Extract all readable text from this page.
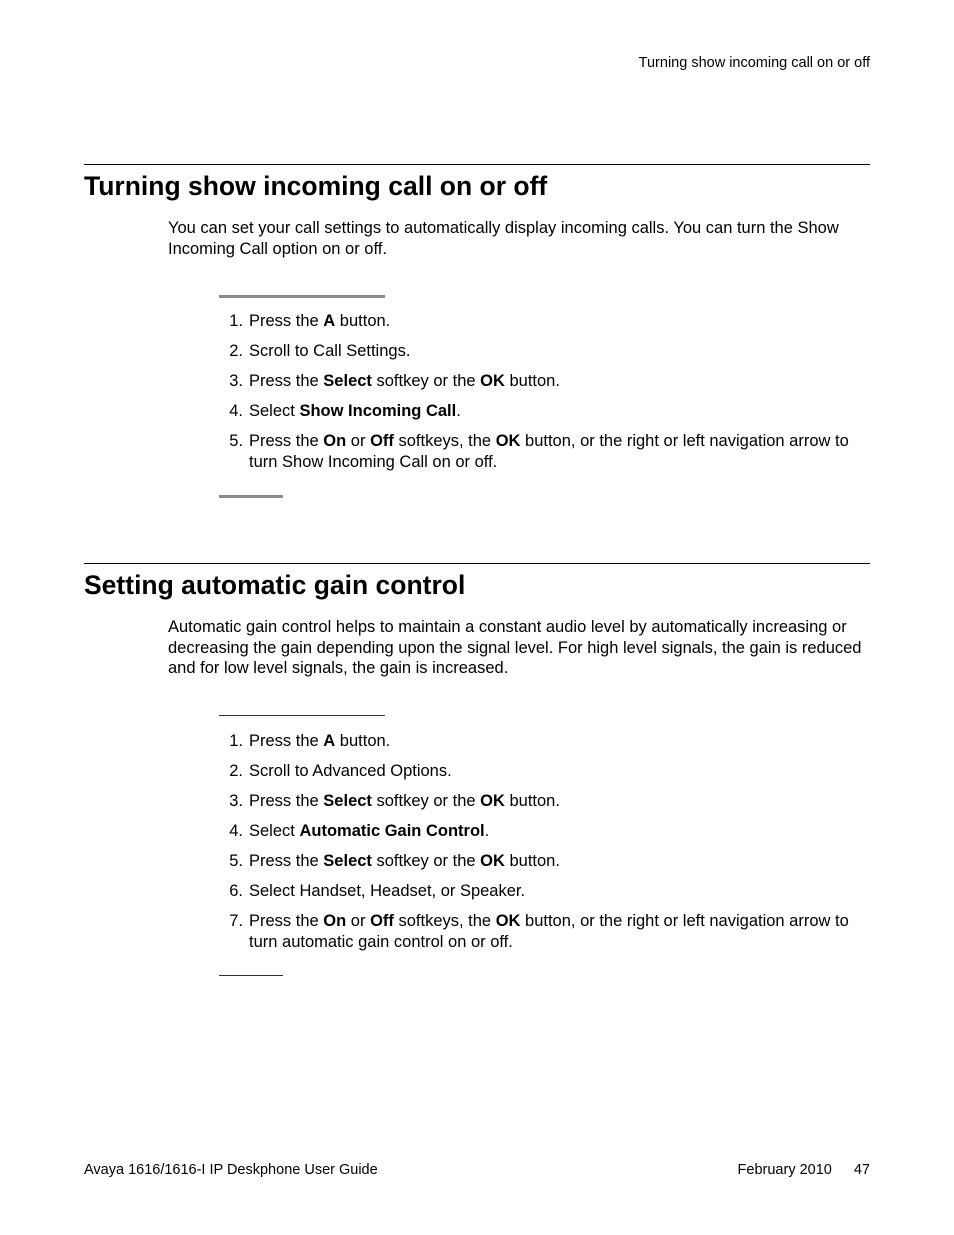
Turning show incoming call on or off
Turning show incoming call on or off

You can set your call settings to automatically display incoming calls. You can turn the Show Incoming Call option on or off.

1 . Press the A button.
2 . Scroll to Call Settings.
3 . Press the Select softkey or the OK button.
4 . Select Show Incoming Call.
5 . Press the On or Off softkeys, the OK button, or the right or left navigation arrow to turn Show Incoming Call on or off.
Setting automatic gain control

Automatic gain control helps to maintain a constant audio level by automatically increasing or decreasing the gain depending upon the signal level. For high level signals, the gain is reduced and for low level signals, the gain is increased.

1 . Press the A button.
2 . Scroll to Advanced Options.
3 . Press the Select softkey or the OK button.
4 . Select Automatic Gain Control.
5 . Press the Select softkey or the OK button.
6 . Select Handset, Headset, or Speaker.
7 . Press the On or Off softkeys, the OK button, or the right or left navigation arrow to turn automatic gain control on or off.
Avaya 1616/1616-I IP Deskphone User Guide	February 2010 47
